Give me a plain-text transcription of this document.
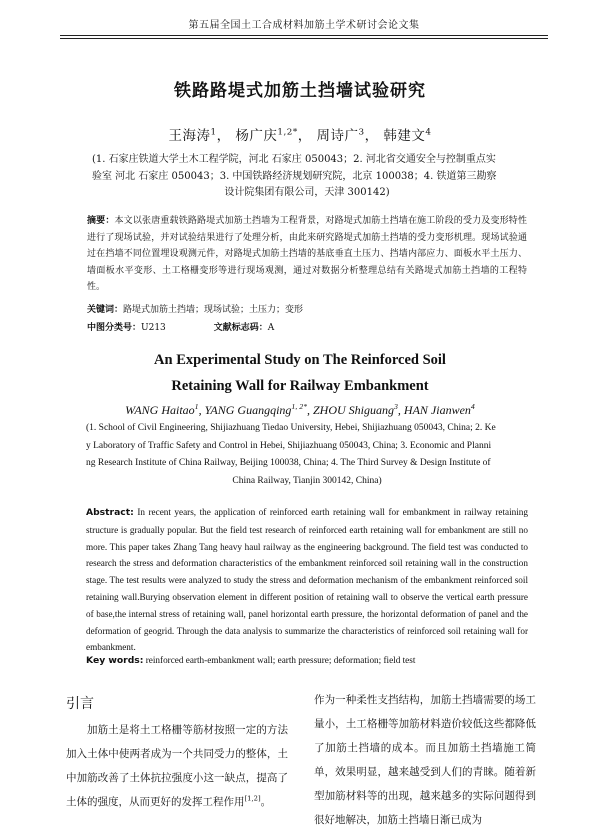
第五届全国土工合成材料加筋土学术研讨会论文集
铁路路堤式加筋土挡墙试验研究
王海涛$^1$， 杨广庆$^{1,2*}$， 周诗广$^3$， 韩建文$^4$
(1. 石家庄铁道大学土木工程学院，河北 石家庄 050043；2. 河北省交通安全与控制重点实
验室 河北 石家庄 050043；3. 中国铁路经济规划研究院，北京 100038；4. 铁道第三勘察
设计院集团有限公司，天津 300142)
摘要：本文以张唐重载铁路路堤式加筋土挡墙为工程背景，对路堤式加筋土挡墙在施工阶段的受力及变形特性进行了现场试验，并对试验结果进行了处理分析，由此来研究路堤式加筋土挡墙的受力变形机理。现场试验通过在挡墙不同位置埋设观测元件，对路堤式加筋土挡墙的基底垂直土压力、挡墙内部应力、面板水平土压力、墙面板水平变形、土工格栅变形等进行现场观测，通过对数据分析整理总结有关路堤式加筋土挡墙的工程特性。
关键词：路堤式加筋土挡墙；现场试验；土压力；变形
中图分类号：U213	文献标志码：A
An Experimental Study on The Reinforced Soil
Retaining Wall for Railway Embankment
WANG Haitao$^1$, YANG Guangqing$^{1, 2*}$, ZHOU Shiguang$^3$, HAN Jianwen$^4$
(1. School of Civil Engineering, Shijiazhuang Tiedao University, Hebei, Shijiazhuang 050043, China; 2. Ke
y Laboratory of Traffic Safety and Control in Hebei, Shijiazhuang 050043, China; 3. Economic and Planni
ng Research Institute of China Railway, Beijing 100038, China; 4. The Third Survey & Design Institute of
China Railway, Tianjin 300142, China)
Abstract: In recent years, the application of reinforced earth retaining wall for embankment in railway retaining structure is gradually popular. But the field test research of reinforced earth retaining wall for embankment are still no more. This paper takes Zhang Tang heavy haul railway as the engineering background. The field test was conducted to research the stress and deformation characteristics of the embankment reinforced soil retaining wall in the construction stage. The test results were analyzed to study the stress and deformation mechanism of the embankment reinforced soil retaining wall.Burying observation element in different position of retaining wall to observe the vertical earth pressure of base,the internal stress of retaining wall, panel horizontal earth pressure, the horizontal deformation of panel and the deformation of geogrid. Through the data analysis to summarize the characteristics of reinforced soil retaining wall for embankment.
Key words: reinforced earth-embankment wall; earth pressure; deformation; field test
引言
加筋土是将土工格栅等筋材按照一定的方法加入土体中使两者成为一个共同受力的整体，土中加筋改善了土体抗拉强度小这一缺点，提高了土体的强度，从而更好的发挥工程作用[1,2]。
作为一种柔性支挡结构，加筋土挡墙需要的场工量小，土工格栅等加筋材料造价较低这些都降低了加筋土挡墙的成本。而且加筋土挡墙施工简单，效果明显，越来越受到人们的青睐。随着新型加筋材料等的出现，越来越多的实际问题得到很好地解决，加筋土挡墙日渐已成为
